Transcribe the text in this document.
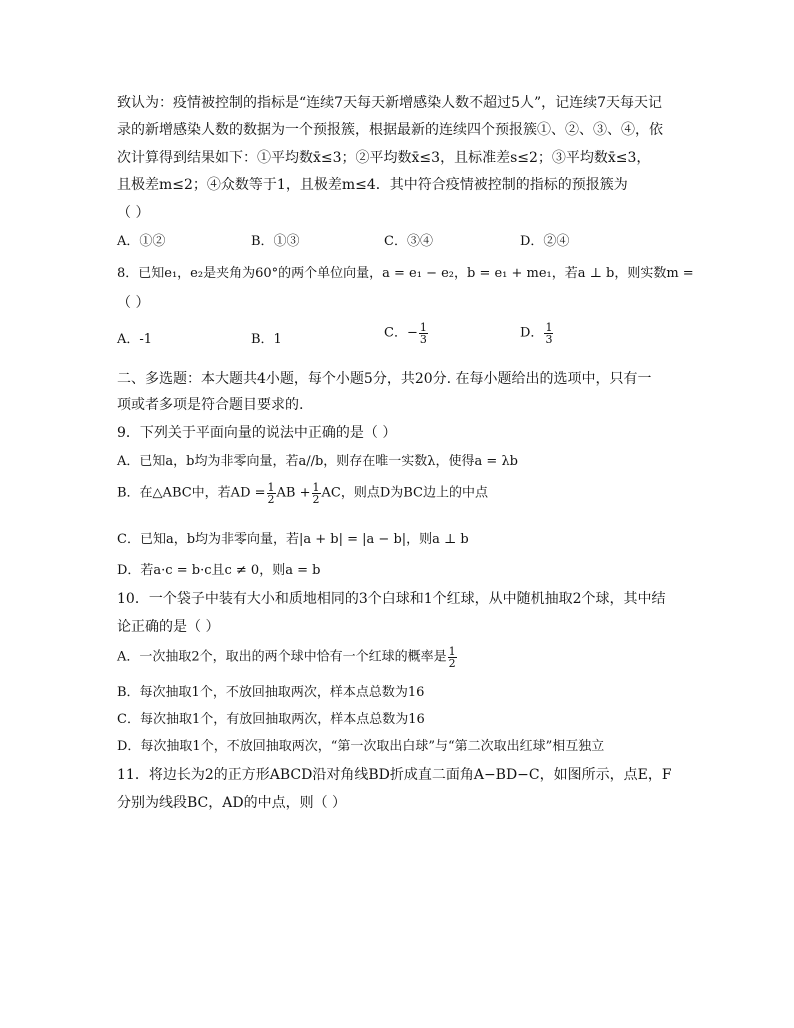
致认为：疫情被控制的指标是“连续7天每天新增感染人数不超过5人”，记连续7天每天记
录的新增感染人数的数据为一个预报簇，根据最新的连续四个预报簇①、②、③、④，依
次计算得到结果如下：①平均数x̄≤3；②平均数x̄≤3，且标准差s≤2；③平均数x̄≤3，
且极差m≤2；④众数等于1，且极差m≤4．其中符合疫情被控制的指标的预报簇为
（ ）
A．①②	B．①③	C．③④	D．②④
8．已知e₁，e₂是夹角为60°的两个单位向量，a = e₁ − e₂，b = e₁ + me₁，若a ⊥ b，则实数m =
（ ）
A．-1	B．1	C．− $\frac{1}{3}$	D． $\frac{1}{3}$
二、多选题：本大题共4小题，每个小题5分，共20分. 在每小题给出的选项中，只有一
项或者多项是符合题目要求的.
9．下列关于平面向量的说法中正确的是（ ）
A．已知a，b均为非零向量，若a//b，则存在唯一实数λ，使得a = λb
B．在△ABC中，若AD = $\frac{1}{2}$ AB + $\frac{1}{2}$ AC，则点D为BC边上的中点
C．已知a，b均为非零向量，若|a + b| = |a − b|，则a ⊥ b
D．若a·c = b·c且c ≠ 0，则a = b
10．一个袋子中装有大小和质地相同的3个白球和1个红球，从中随机抽取2个球，其中结
论正确的是（ ）
A．一次抽取2个，取出的两个球中恰有一个红球的概率是 $\frac{1}{2}$
B．每次抽取1个，不放回抽取两次，样本点总数为16
C．每次抽取1个，有放回抽取两次，样本点总数为16
D．每次抽取1个，不放回抽取两次，“第一次取出白球”与“第二次取出红球”相互独立
11．将边长为2的正方形ABCD沿对角线BD折成直二面角A−BD−C，如图所示，点E，F
分别为线段BC，AD的中点，则（ ）
